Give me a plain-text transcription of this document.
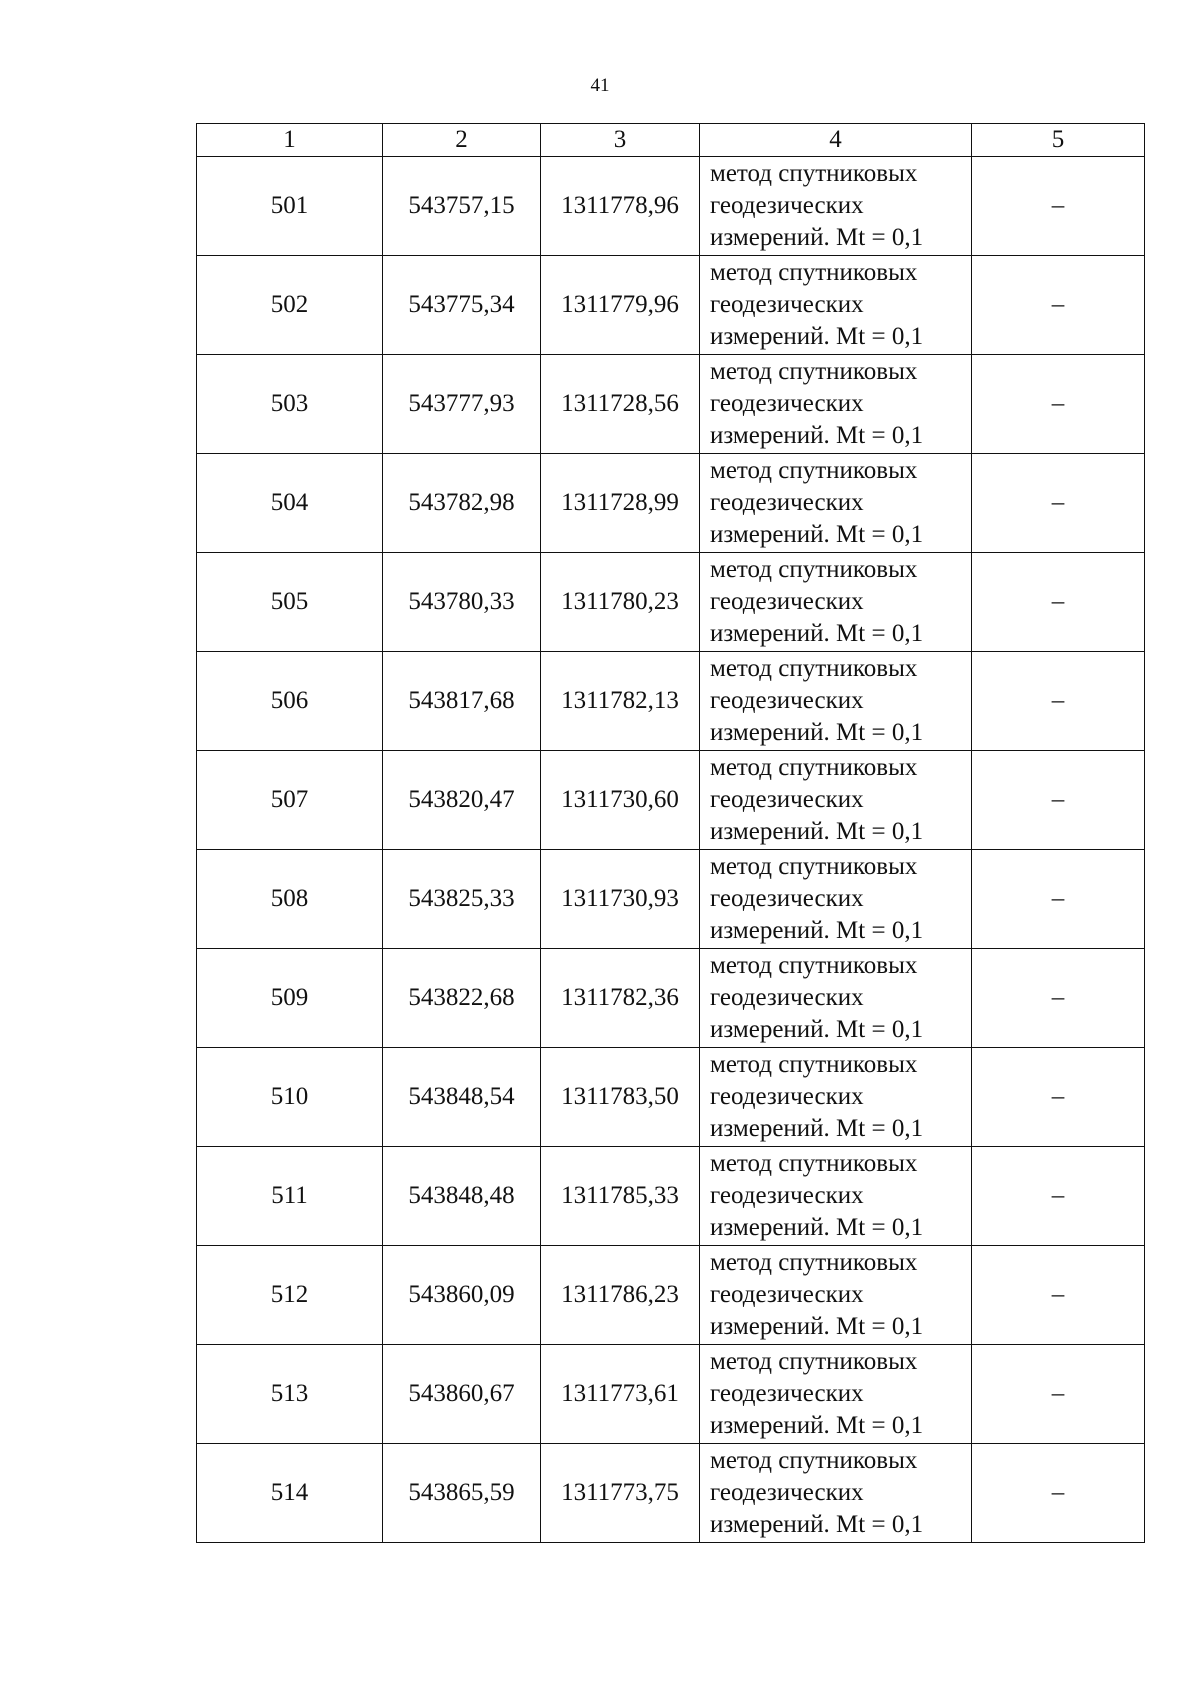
41
1	2	3	4	5
501	543757,15	1311778,96	метод спутниковых
геодезических
измерений. Mt = 0,1	–
502	543775,34	1311779,96	метод спутниковых
геодезических
измерений. Mt = 0,1	–
503	543777,93	1311728,56	метод спутниковых
геодезических
измерений. Mt = 0,1	–
504	543782,98	1311728,99	метод спутниковых
геодезических
измерений. Mt = 0,1	–
505	543780,33	1311780,23	метод спутниковых
геодезических
измерений. Mt = 0,1	–
506	543817,68	1311782,13	метод спутниковых
геодезических
измерений. Mt = 0,1	–
507	543820,47	1311730,60	метод спутниковых
геодезических
измерений. Mt = 0,1	–
508	543825,33	1311730,93	метод спутниковых
геодезических
измерений. Mt = 0,1	–
509	543822,68	1311782,36	метод спутниковых
геодезических
измерений. Mt = 0,1	–
510	543848,54	1311783,50	метод спутниковых
геодезических
измерений. Mt = 0,1	–
511	543848,48	1311785,33	метод спутниковых
геодезических
измерений. Mt = 0,1	–
512	543860,09	1311786,23	метод спутниковых
геодезических
измерений. Mt = 0,1	–
513	543860,67	1311773,61	метод спутниковых
геодезических
измерений. Mt = 0,1	–
514	543865,59	1311773,75	метод спутниковых
геодезических
измерений. Mt = 0,1	–
